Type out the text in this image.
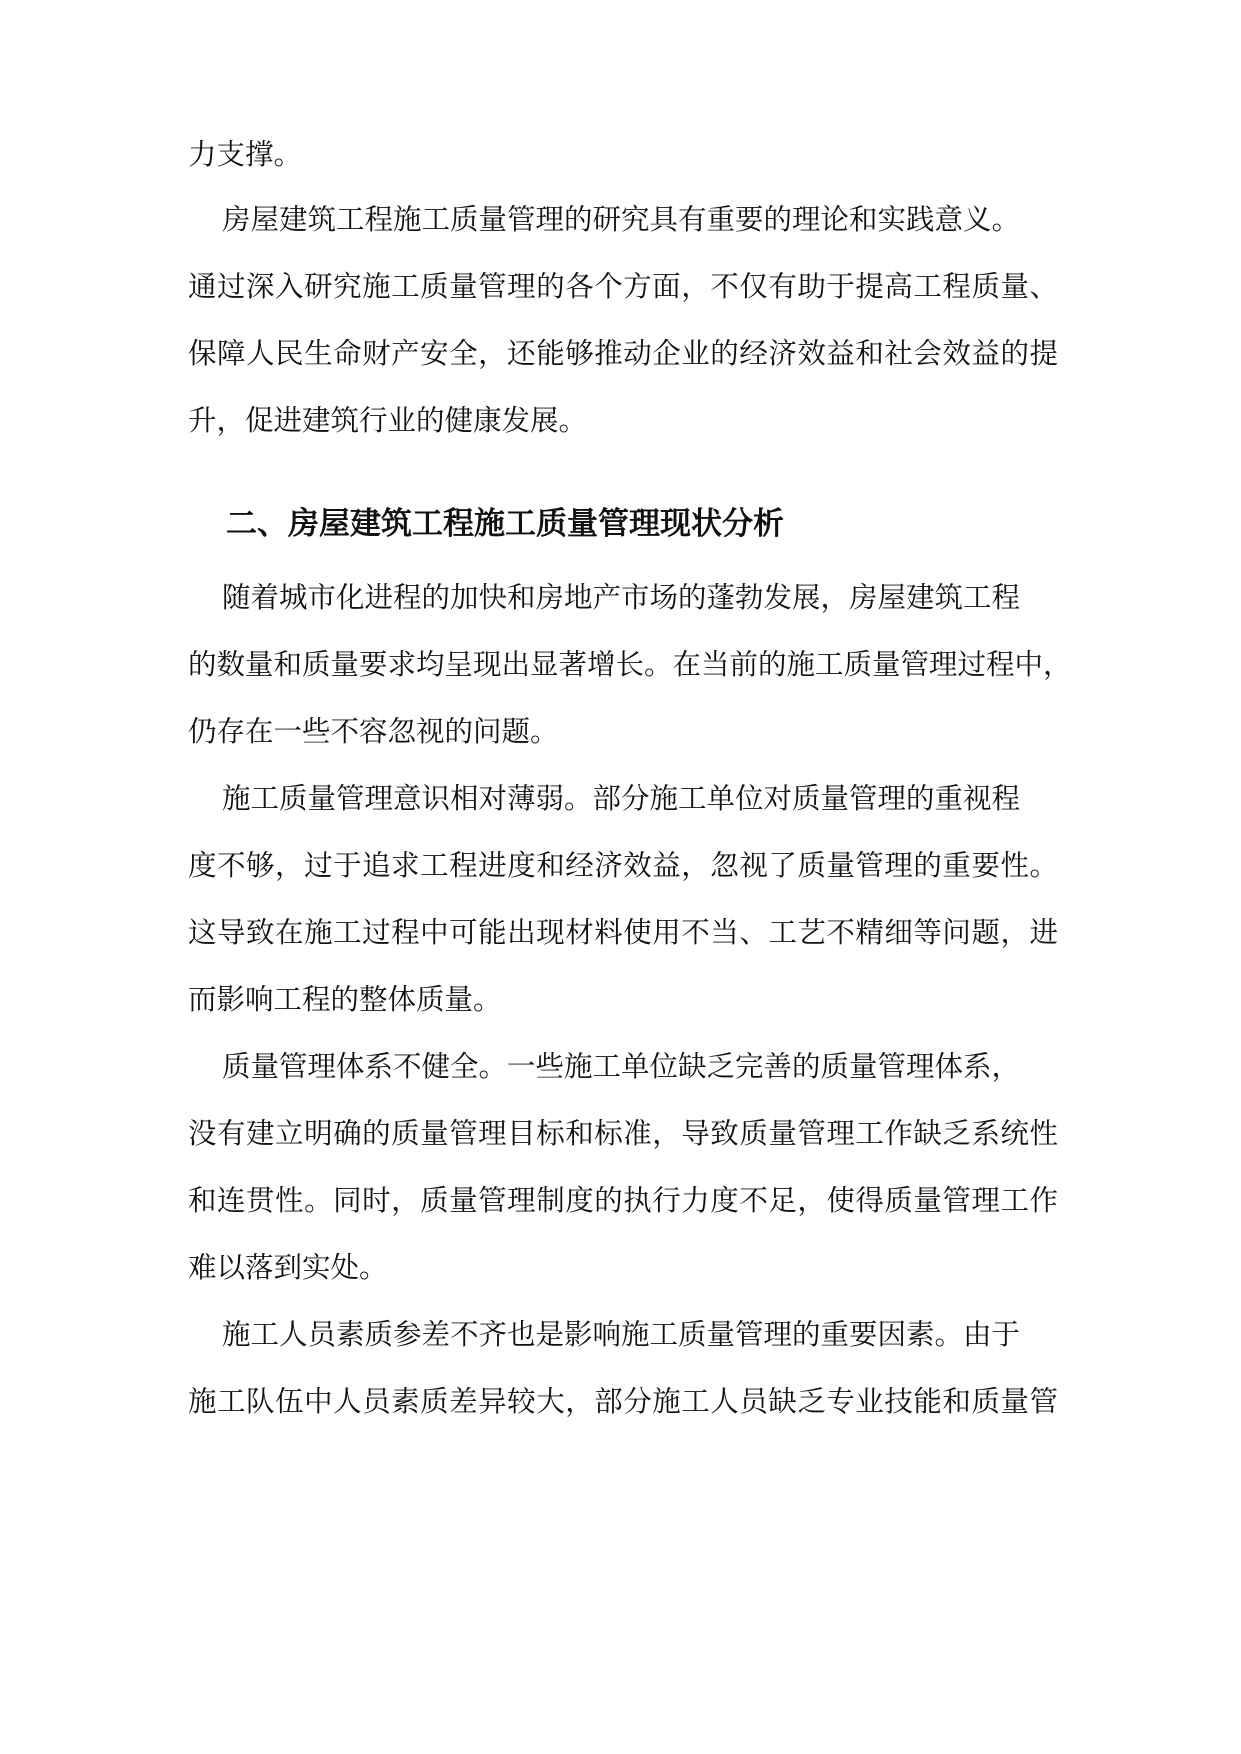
力支撑。
房屋建筑工程施工质量管理的研究具有重要的理论和实践意义。
通过深入研究施工质量管理的各个方面，不仅有助于提高工程质量、
保障人民生命财产安全，还能够推动企业的经济效益和社会效益的提
升，促进建筑行业的健康发展。
二、房屋建筑工程施工质量管理现状分析
随着城市化进程的加快和房地产市场的蓬勃发展，房屋建筑工程
的数量和质量要求均呈现出显著增长。在当前的施工质量管理过程中，
仍存在一些不容忽视的问题。
施工质量管理意识相对薄弱。部分施工单位对质量管理的重视程
度不够，过于追求工程进度和经济效益，忽视了质量管理的重要性。
这导致在施工过程中可能出现材料使用不当、工艺不精细等问题，进
而影响工程的整体质量。
质量管理体系不健全。一些施工单位缺乏完善的质量管理体系，
没有建立明确的质量管理目标和标准，导致质量管理工作缺乏系统性
和连贯性。同时，质量管理制度的执行力度不足，使得质量管理工作
难以落到实处。
施工人员素质参差不齐也是影响施工质量管理的重要因素。由于
施工队伍中人员素质差异较大，部分施工人员缺乏专业技能和质量管
